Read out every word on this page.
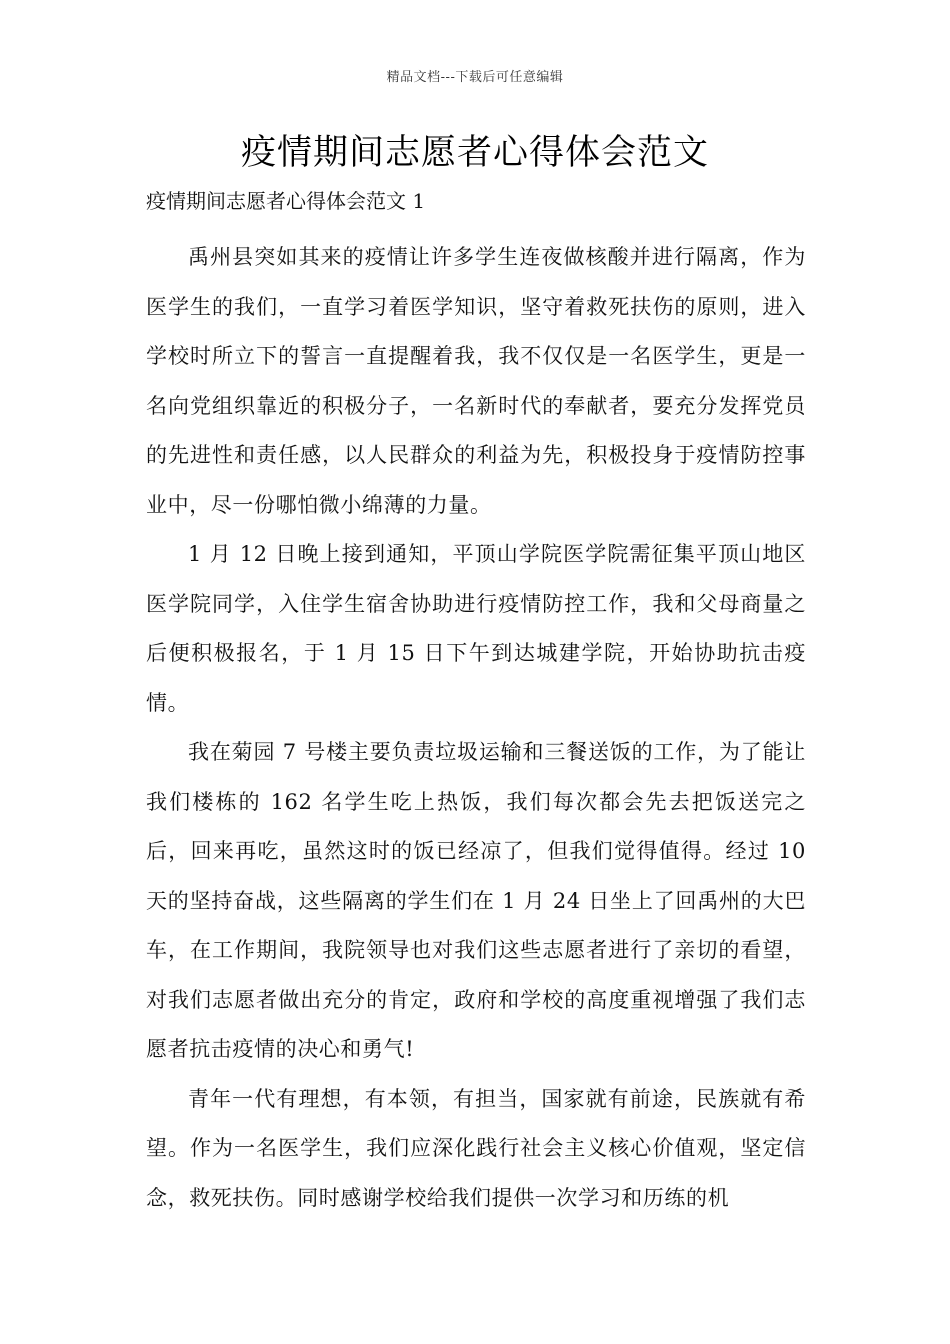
精品文档---下载后可任意编辑
疫情期间志愿者心得体会范文
疫情期间志愿者心得体会范文 1

禹州县突如其来的疫情让许多学生连夜做核酸并进行隔离，作为医学生的我们，一直学习着医学知识，坚守着救死扶伤的原则，进入学校时所立下的誓言一直提醒着我，我不仅仅是一名医学生，更是一名向党组织靠近的积极分子，一名新时代的奉献者，要充分发挥党员的先进性和责任感，以人民群众的利益为先，积极投身于疫情防控事业中，尽一份哪怕微小绵薄的力量。

1 月 12 日晚上接到通知，平顶山学院医学院需征集平顶山地区医学院同学，入住学生宿舍协助进行疫情防控工作，我和父母商量之后便积极报名，于 1 月 15 日下午到达城建学院，开始协助抗击疫情。

我在菊园 7 号楼主要负责垃圾运输和三餐送饭的工作，为了能让我们楼栋的 162 名学生吃上热饭，我们每次都会先去把饭送完之后，回来再吃，虽然这时的饭已经凉了，但我们觉得值得。经过 10 天的坚持奋战，这些隔离的学生们在 1 月 24 日坐上了回禹州的大巴车，在工作期间，我院领导也对我们这些志愿者进行了亲切的看望，对我们志愿者做出充分的肯定，政府和学校的高度重视增强了我们志愿者抗击疫情的决心和勇气!

青年一代有理想，有本领，有担当，国家就有前途，民族就有希望。作为一名医学生，我们应深化践行社会主义核心价值观，坚定信念，救死扶伤。同时感谢学校给我们提供一次学习和历练的机
